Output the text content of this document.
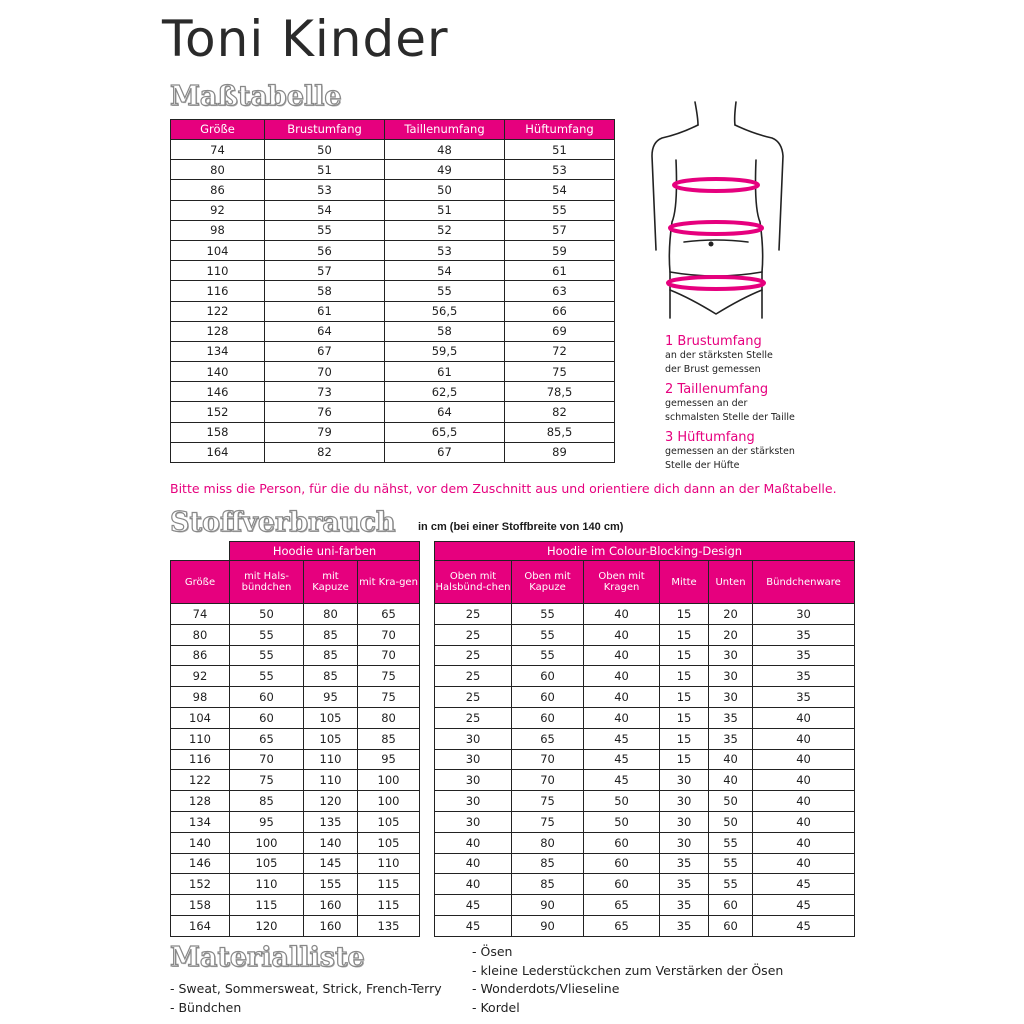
Toni Kinder
Maßtabelle
Größe	Brustumfang	Taillenumfang	Hüftumfang
74	50	48	51
80	51	49	53
86	53	50	54
92	54	51	55
98	55	52	57
104	56	53	59
110	57	54	61
116	58	55	63
122	61	56,5	66
128	64	58	69
134	67	59,5	72
140	70	61	75
146	73	62,5	78,5
152	76	64	82
158	79	65,5	85,5
164	82	67	89
1 Brustumfang
an der stärksten Stelle
der Brust gemessen
2 Taillenumfang
gemessen an der
schmalsten Stelle der Taille
3 Hüftumfang
gemessen an der stärksten
Stelle der Hüfte
Bitte miss die Person, für die du nähst, vor dem Zuschnitt aus und orientiere dich dann an der Maßtabelle.
Stoffverbrauch in cm (bei einer Stoffbreite von 140 cm)
	Hoodie uni-farben				Hoodie im Colour-Blocking-Design					
Größe	mit Hals-bündchen	mit Kapuze	mit Kra-gen		Oben mit Halsbünd-chen	Oben mit Kapuze	Oben mit Kragen	Mitte	Unten	Bündchenware
74	50	80	65		25	55	40	15	20	30
80	55	85	70		25	55	40	15	20	35
86	55	85	70		25	55	40	15	30	35
92	55	85	75		25	60	40	15	30	35
98	60	95	75		25	60	40	15	30	35
104	60	105	80		25	60	40	15	35	40
110	65	105	85		30	65	45	15	35	40
116	70	110	95		30	70	45	15	40	40
122	75	110	100		30	70	45	30	40	40
128	85	120	100		30	75	50	30	50	40
134	95	135	105		30	75	50	30	50	40
140	100	140	105		40	80	60	30	55	40
146	105	145	110		40	85	60	35	55	40
152	110	155	115		40	85	60	35	55	45
158	115	160	115		45	90	65	35	60	45
164	120	160	135		45	90	65	35	60	45
Materialliste
- Sweat, Sommersweat, Strick, French-Terry
- Bündchen
- Ösen
- kleine Lederstückchen zum Verstärken der Ösen
- Wonderdots/Vlieseline
- Kordel
